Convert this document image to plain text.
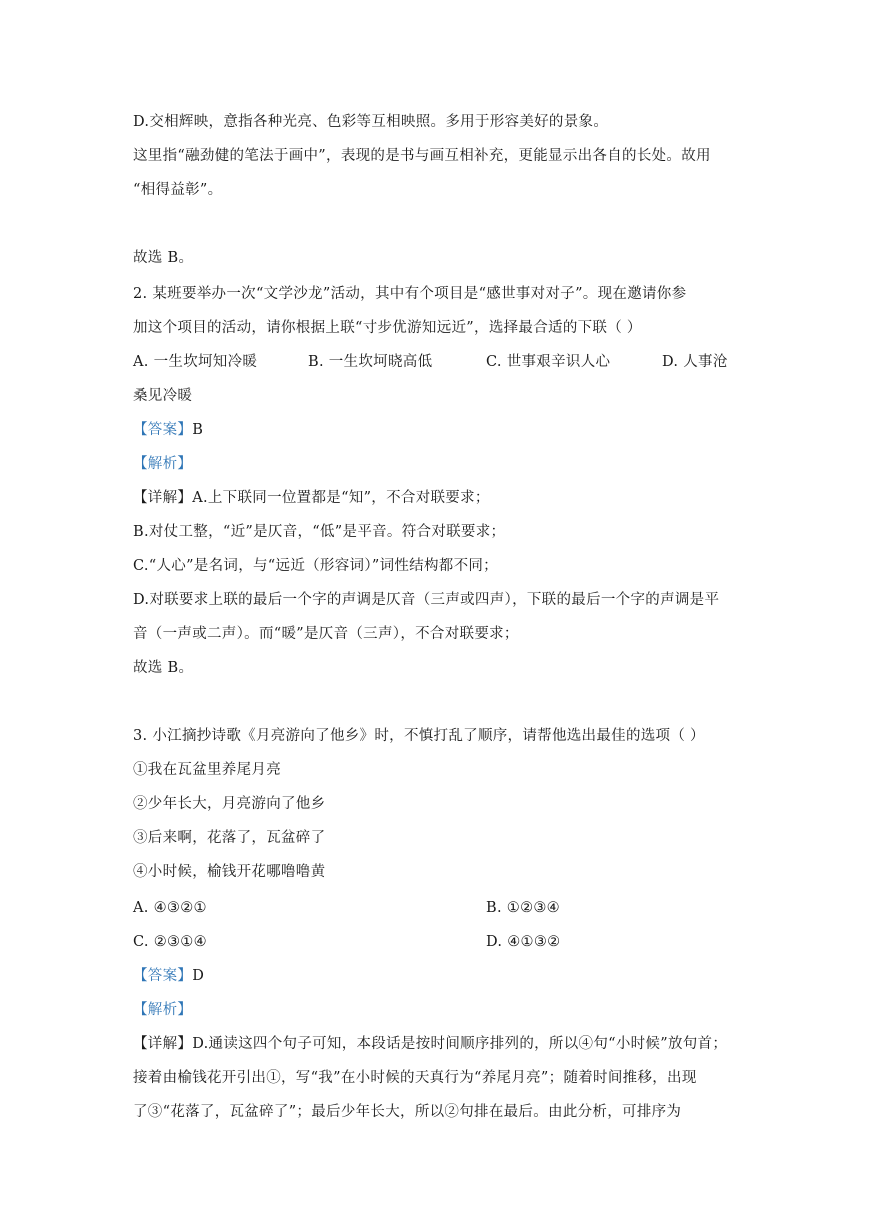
D.交相辉映，意指各种光亮、色彩等互相映照。多用于形容美好的景象。
这里指“融劲健的笔法于画中”，表现的是书与画互相补充，更能显示出各自的长处。故用
“相得益彰”。
故选 B。
2. 某班要举办一次“文学沙龙”活动，其中有个项目是“感世事对对子”。现在邀请你参
加这个项目的活动，请你根据上联“寸步优游知远近”，选择最合适的下联（ ）
A. 一生坎坷知冷暖	B. 一生坎坷晓高低	C. 世事艰辛识人心	D. 人事沧
桑见冷暖
【答案】B
【解析】
【详解】A.上下联同一位置都是“知”，不合对联要求；
B.对仗工整，“近”是仄音，“低”是平音。符合对联要求；
C.“人心”是名词，与“远近（形容词）”词性结构都不同；
D.对联要求上联的最后一个字的声调是仄音（三声或四声），下联的最后一个字的声调是平
音（一声或二声）。而“暖”是仄音（三声），不合对联要求；
故选 B。
3. 小江摘抄诗歌《月亮游向了他乡》时，不慎打乱了顺序，请帮他选出最佳的选项（ ）
①我在瓦盆里养尾月亮
②少年长大，月亮游向了他乡
③后来啊，花落了，瓦盆碎了
④小时候，榆钱开花哪噜噜黄
A. ④③②①	B. ①②③④
C. ②③①④	D. ④①③②
【答案】D
【解析】
【详解】D.通读这四个句子可知，本段话是按时间顺序排列的，所以④句“小时候”放句首；
接着由榆钱花开引出①，写“我”在小时候的天真行为“养尾月亮”；随着时间推移，出现
了③“花落了，瓦盆碎了”；最后少年长大，所以②句排在最后。由此分析，可排序为
